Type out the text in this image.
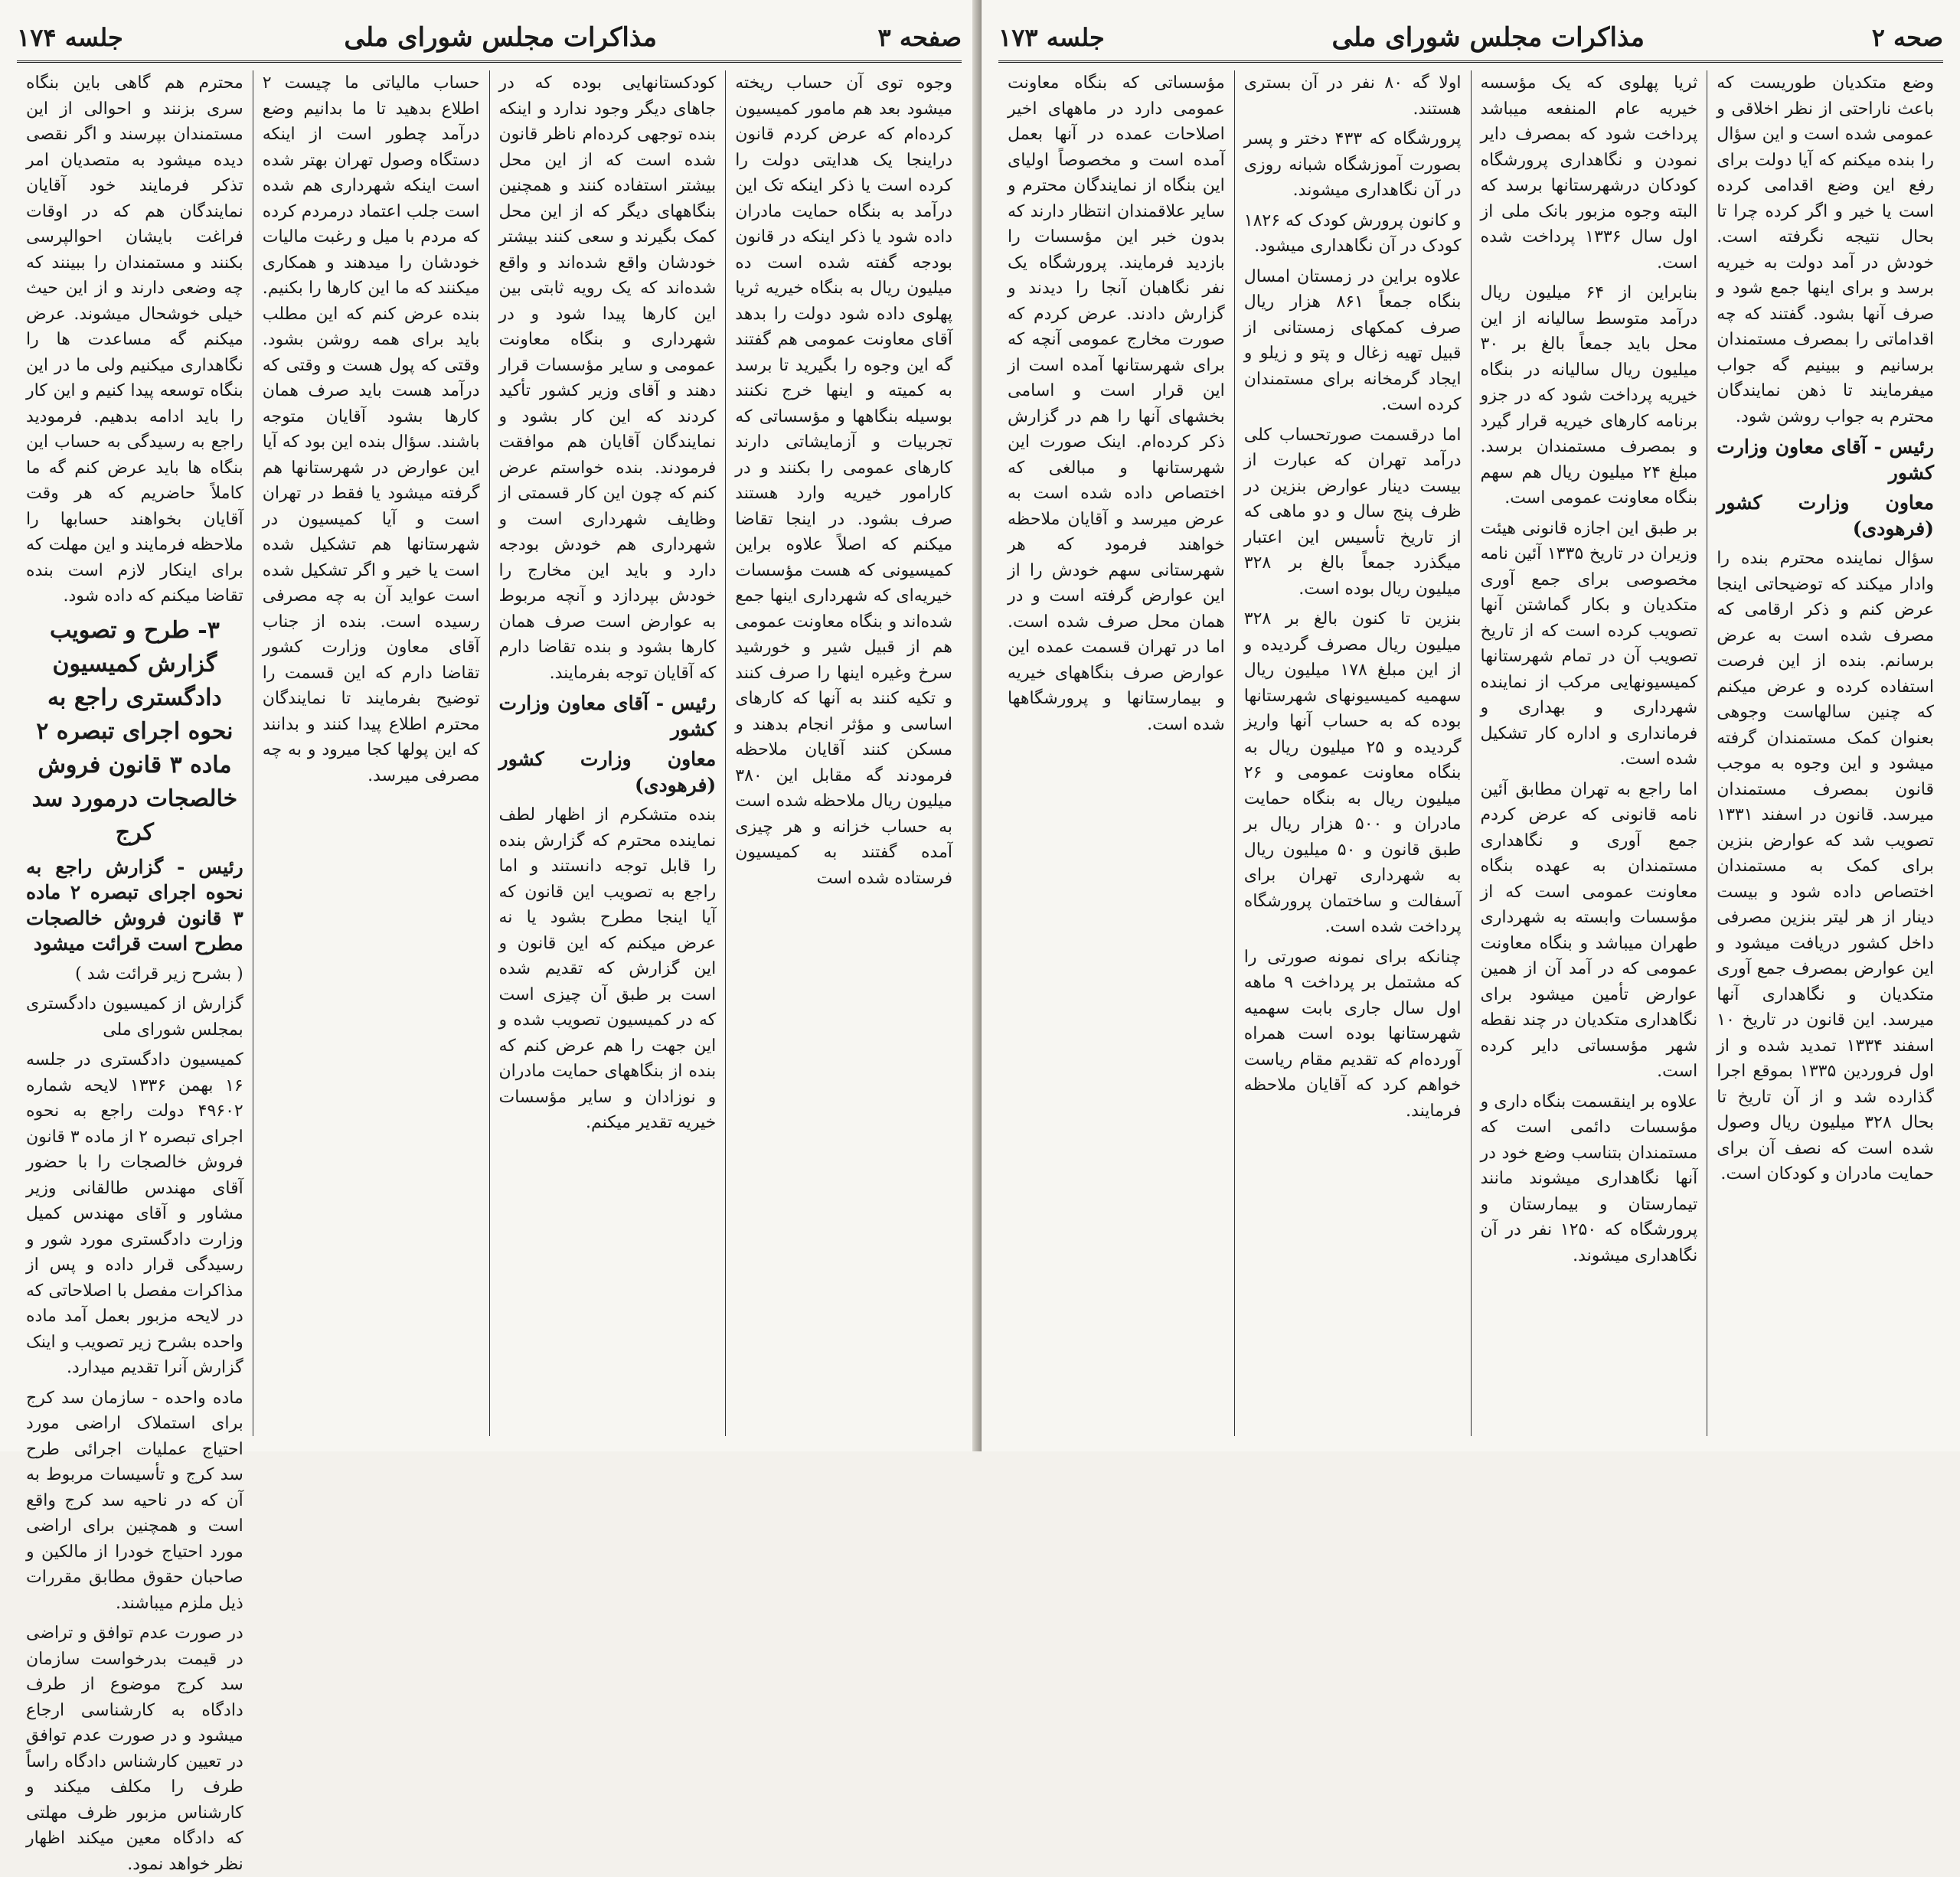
صفحه ۳
مذاکرات مجلس شورای ملی
جلسه ۱۷۴

وجوه توی آن حساب ریخته میشود بعد هم مامور کمیسیون کرده‌ام که عرض کردم قانون دراینجا یک هدایتی دولت را کرده است یا ذکر اینکه تک این درآمد به بنگاه حمایت مادران داده شود یا ذکر اینکه در قانون بودجه گفته شده است ده میلیون ریال به بنگاه خیریه ثریا پهلوی داده شود دولت را بدهد آقای معاونت عمومی هم گفتند گه این وجوه را بگیرید تا برسد به کمیته و اینها خرج نکنند بوسیله بنگاهها و مؤسساتی که تجربیات و آزمایشاتی دارند کارهای عمومی را بکنند و در کارامور خیریه وارد هستند صرف بشود. در اینجا تقاضا میکنم که اصلاً علاوه براین کمیسیونی که هست مؤسسات خیریه‌ای که شهرداری اینها جمع شده‌اند و بنگاه معاونت عمومی هم از قبیل شیر و خورشید سرخ وغیره اینها را صرف کنند و تکیه کنند به آنها که کارهای اساسی و مؤثر انجام بدهند و مسکن کنند آقایان ملاحظه فرمودند گه مقابل این ۳۸۰ میلیون ریال ملاحظه شده است به حساب خزانه و هر چیزی آمده گفتند به کمیسیون فرستاده شده است

کودکستانهایی بوده که در جاهای دیگر وجود ندارد و اینکه بنده توجهی کرده‌ام ناظر قانون شده است که از این محل بیشتر استفاده کنند و همچنین بنگاههای دیگر که از این محل کمک بگیرند و سعی کنند بیشتر خودشان واقع شده‌اند و واقع شده‌اند که یک رویه ثابتی بین این کارها پیدا شود و در شهرداری و بنگاه معاونت عمومی و سایر مؤسسات قرار دهند و آقای وزیر کشور تأکید کردند که این کار بشود و نمایندگان آقایان هم موافقت فرمودند. بنده خواستم عرض کنم که چون این کار قسمتی از وظایف شهرداری است و شهرداری هم خودش بودجه دارد و باید این مخارج را خودش بپردازد و آنچه مربوط به عوارض است صرف همان کارها بشود و بنده تقاضا دارم که آقایان توجه بفرمایند.

رئیس - آقای معاون وزارت کشور

معاون وزارت کشور (فرهودی)

بنده متشکرم از اظهار لطف نماینده محترم که گزارش بنده را قابل توجه دانستند و اما راجع به تصویب این قانون که آیا اینجا مطرح بشود یا نه عرض میکنم که این قانون و این گزارش که تقدیم شده است بر طبق آن چیزی است که در کمیسیون تصویب شده و این جهت را هم عرض کنم که بنده از بنگاههای حمایت مادران و نوزادان و سایر مؤسسات خیریه تقدیر میکنم.

حساب مالیاتی ما چیست ۲ اطلاع بدهید تا ما بدانیم وضع درآمد چطور است از اینکه دستگاه وصول تهران بهتر شده است اینکه شهرداری هم شده است جلب اعتماد درمردم کرده که مردم با میل و رغبت مالیات خودشان را میدهند و همکاری میکنند که ما این کارها را بکنیم. بنده عرض کنم که این مطلب باید برای همه روشن بشود. وقتی که پول هست و وقتی که درآمد هست باید صرف همان کارها بشود آقایان متوجه باشند. سؤال بنده این بود که آیا این عوارض در شهرستانها هم گرفته میشود یا فقط در تهران است و آیا کمیسیون در شهرستانها هم تشکیل شده است یا خیر و اگر تشکیل شده است عواید آن به چه مصرفی رسیده است. بنده از جناب آقای معاون وزارت کشور تقاضا دارم که این قسمت را توضیح بفرمایند تا نمایندگان محترم اطلاع پیدا کنند و بدانند که این پولها کجا میرود و به چه مصرفی میرسد.

محترم هم گاهی باین بنگاه سری بزنند و احوالی از این مستمندان بپرسند و اگر نقصی دیده میشود به متصدیان امر تذکر فرمایند خود آقایان نمایندگان هم که در اوقات فراغت بایشان احوالپرسی بکنند و مستمندان را ببینند که چه وضعی دارند و از این حیث خیلی خوشحال میشوند. عرض میکنم گه مساعدت ها را نگاهداری میکنیم ولی ما در این بنگاه توسعه پیدا کنیم و این کار را باید ادامه بدهیم. فرمودید راجع به رسیدگی به حساب این بنگاه ها باید عرض کنم گه ما کاملاً حاضریم که هر وقت آقایان بخواهند حسابها را ملاحظه فرمایند و این مهلت که برای اینکار لازم است بنده تقاضا میکنم که داده شود.

۳- طرح و تصویب گزارش کمیسیون دادگستری راجع به نحوه اجرای تبصره ۲ ماده ۳ قانون فروش خالصجات درمورد سد کرج

رئیس - گزارش راجع به نحوه اجرای تبصره ۲ ماده ۳ قانون فروش خالصجات مطرح است قرائت میشود

( بشرح زیر قرائت شد )

گزارش از کمیسیون دادگستری بمجلس شورای ملی

کمیسیون دادگستری در جلسه ۱۶ بهمن ۱۳۳۶ لایحه شماره ۴۹۶۰۲ دولت راجع به نحوه اجرای تبصره ۲ از ماده ۳ قانون فروش خالصجات را با حضور آقای مهندس طالقانی وزیر مشاور و آقای مهندس کمیل وزارت دادگستری مورد شور و رسیدگی قرار داده و پس از مذاکرات مفصل با اصلاحاتی که در لایحه مزبور بعمل آمد ماده واحده بشرح زیر تصویب و اینک گزارش آنرا تقدیم میدارد.

ماده واحده - سازمان سد کرج برای استملاک اراضی مورد احتیاج عملیات اجرائی طرح سد کرج و تأسیسات مربوط به آن که در ناحیه سد کرج واقع است و همچنین برای اراضی مورد احتیاج خودرا از مالکین و صاحبان حقوق مطابق مقررات ذیل ملزم میباشند.

در صورت عدم توافق و تراضی در قیمت بدرخواست سازمان سد کرج موضوع از طرف دادگاه به کارشناسی ارجاع میشود و در صورت عدم توافق در تعیین کارشناس دادگاه راساً طرف را مکلف میکند و کارشناس مزبور ظرف مهلتی که دادگاه معین میکند اظهار نظر خواهد نمود.

صحه ۲
مذاکرات مجلس شورای ملی
جلسه ۱۷۳

وضع متکدیان طوریست که باعث ناراحتی از نظر اخلاقی و عمومی شده است و این سؤال را بنده میکنم که آیا دولت برای رفع این وضع اقدامی کرده است یا خیر و اگر کرده چرا تا بحال نتیجه نگرفته است. خودش در آمد دولت به خیریه برسد و برای اینها جمع شود و صرف آنها بشود. گفتند که چه اقداماتی را بمصرف مستمندان برسانیم و ببینیم گه جواب میفرمایند تا ذهن نمایندگان محترم به جواب روشن شود.

رئیس - آقای معاون وزارت کشور

معاون وزارت کشور (فرهودی)

سؤال نماینده محترم بنده را وادار میکند که توضیحاتی اینجا عرض کنم و ذکر ارقامی که مصرف شده است به عرض برسانم. بنده از این فرصت استفاده کرده و عرض میکنم که چنین سالهاست وجوهی بعنوان کمک مستمندان گرفته میشود و این وجوه به موجب قانون بمصرف مستمندان میرسد. قانون در اسفند ۱۳۳۱ تصویب شد که عوارض بنزین برای کمک به مستمندان اختصاص داده شود و بیست دینار از هر لیتر بنزین مصرفی داخل کشور دریافت میشود و این عوارض بمصرف جمع آوری متکدیان و نگاهداری آنها میرسد. این قانون در تاریخ ۱۰ اسفند ۱۳۳۴ تمدید شده و از اول فروردین ۱۳۳۵ بموقع اجرا گذارده شد و از آن تاریخ تا بحال ۳۲۸ میلیون ریال وصول شده است که نصف آن برای حمایت مادران و کودکان است.

ثریا پهلوی که یک مؤسسه خیریه عام المنفعه میباشد پرداخت شود که بمصرف دایر نمودن و نگاهداری پرورشگاه کودکان درشهرستانها برسد که البته وجوه مزبور بانک ملی از اول سال ۱۳۳۶ پرداخت شده است.

بنابراین از ۶۴ میلیون ریال درآمد متوسط سالیانه از این محل باید جمعاً بالغ بر ۳۰ میلیون ریال سالیانه در بنگاه خیریه پرداخت شود که در جزو برنامه کارهای خیریه قرار گیرد و بمصرف مستمندان برسد. مبلغ ۲۴ میلیون ریال هم سهم بنگاه معاونت عمومی است.

بر طبق این اجازه قانونی هیئت وزیران در تاریخ ۱۳۳۵ آئین نامه مخصوصی برای جمع آوری متکدیان و بکار گماشتن آنها تصویب کرده است که از تاریخ تصویب آن در تمام شهرستانها کمیسیونهایی مرکب از نماینده شهرداری و بهداری و فرمانداری و اداره کار تشکیل شده است.

اما راجع به تهران مطابق آئین نامه قانونی که عرض کردم جمع آوری و نگاهداری مستمندان به عهده بنگاه معاونت عمومی است که از مؤسسات وابسته به شهرداری طهران میباشد و بنگاه معاونت عمومی که در آمد آن از همین عوارض تأمین میشود برای نگاهداری متکدیان در چند نقطه شهر مؤسساتی دایر کرده است.

علاوه بر اینقسمت بنگاه داری و مؤسسات دائمی است که مستمندان بتناسب وضع خود در آنها نگاهداری میشوند مانند تیمارستان و بیمارستان و پرورشگاه که ۱۲۵۰ نفر در آن نگاهداری میشوند.

اولا گه ۸۰ نفر در آن بستری هستند.

پرورشگاه که ۴۳۳ دختر و پسر بصورت آموزشگاه شبانه روزی در آن نگاهداری میشوند.

و کانون پرورش کودک که ۱۸۲۶ کودک در آن نگاهداری میشود.

علاوه براین در زمستان امسال بنگاه جمعاً ۸۶۱ هزار ریال صرف کمکهای زمستانی از قبیل تهیه زغال و پتو و زیلو و ایجاد گرمخانه برای مستمندان کرده است.

اما درقسمت صورتحساب کلی درآمد تهران که عبارت از بیست دینار عوارض بنزین در ظرف پنج سال و دو ماهی که از تاریخ تأسیس این اعتبار میگذرد جمعاً بالغ بر ۳۲۸ میلیون ریال بوده است.

بنزین تا کنون بالغ بر ۳۲۸ میلیون ریال مصرف گردیده و از این مبلغ ۱۷۸ میلیون ریال سهمیه کمیسیونهای شهرستانها بوده که به حساب آنها واریز گردیده و ۲۵ میلیون ریال به بنگاه معاونت عمومی و ۲۶ میلیون ریال به بنگاه حمایت مادران و ۵۰۰ هزار ریال بر طبق قانون و ۵۰ میلیون ریال به شهرداری تهران برای آسفالت و ساختمان پرورشگاه پرداخت شده است.

چنانکه برای نمونه صورتی را که مشتمل بر پرداخت ۹ ماهه اول سال جاری بابت سهمیه شهرستانها بوده است همراه آورده‌ام که تقدیم مقام ریاست خواهم کرد که آقایان ملاحظه فرمایند.

مؤسساتی که بنگاه معاونت عمومی دارد در ماههای اخیر اصلاحات عمده در آنها بعمل آمده است و مخصوصاً اولیای این بنگاه از نمایندگان محترم و سایر علاقمندان انتظار دارند که بدون خبر این مؤسسات را بازدید فرمایند. پرورشگاه یک نفر نگاهبان آنجا را دیدند و گزارش دادند. عرض کردم که صورت مخارج عمومی آنچه که برای شهرستانها آمده است از این قرار است و اسامی بخشهای آنها را هم در گزارش ذکر کرده‌ام. اینک صورت این شهرستانها و مبالغی که اختصاص داده شده است به عرض میرسد و آقایان ملاحظه خواهند فرمود که هر شهرستانی سهم خودش را از این عوارض گرفته است و در همان محل صرف شده است. اما در تهران قسمت عمده این عوارض صرف بنگاههای خیریه و بیمارستانها و پرورشگاهها شده است.
